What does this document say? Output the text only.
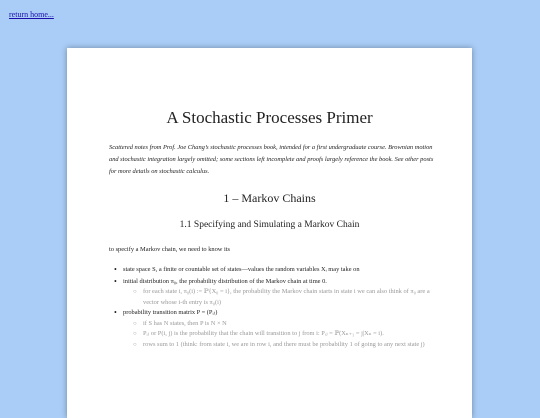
return home...
A Stochastic Processes Primer

Scattered notes from Prof. Joe Chang’s stochastic processes book, intended for a first undergraduate course. Brownian motion and stochastic integration largely omitted; some sections left incomplete and proofs largely reference the book. See other posts for more details on stochastic calculus.

1 – Markov Chains
1.1 Specifying and Simulating a Markov Chain

to specify a Markov chain, we need to know its

• state space S, a finite or countable set of states—values the random variables Xᵢ may take on
• initial distribution π₀, the probability distribution of the Markov chain at time 0.
○ for each state i, π₀(i) := ℙ{X₀ = i}, the probability the Markov chain starts in state i we can also think of π₀ are a vector whose i-th entry is π₀(i)
• probability transition matrix P = (Pᵢⱼ)
○ if S has N states, then P is N × N
○ Pᵢⱼ or P(i, j) is the probability that the chain will transition to j from i: Pᵢⱼ = ℙ(Xₙ₊₁ = j|Xₙ = i).
○ rows sum to 1 (think: from state i, we are in row i, and there must be probability 1 of going to any next state j)
